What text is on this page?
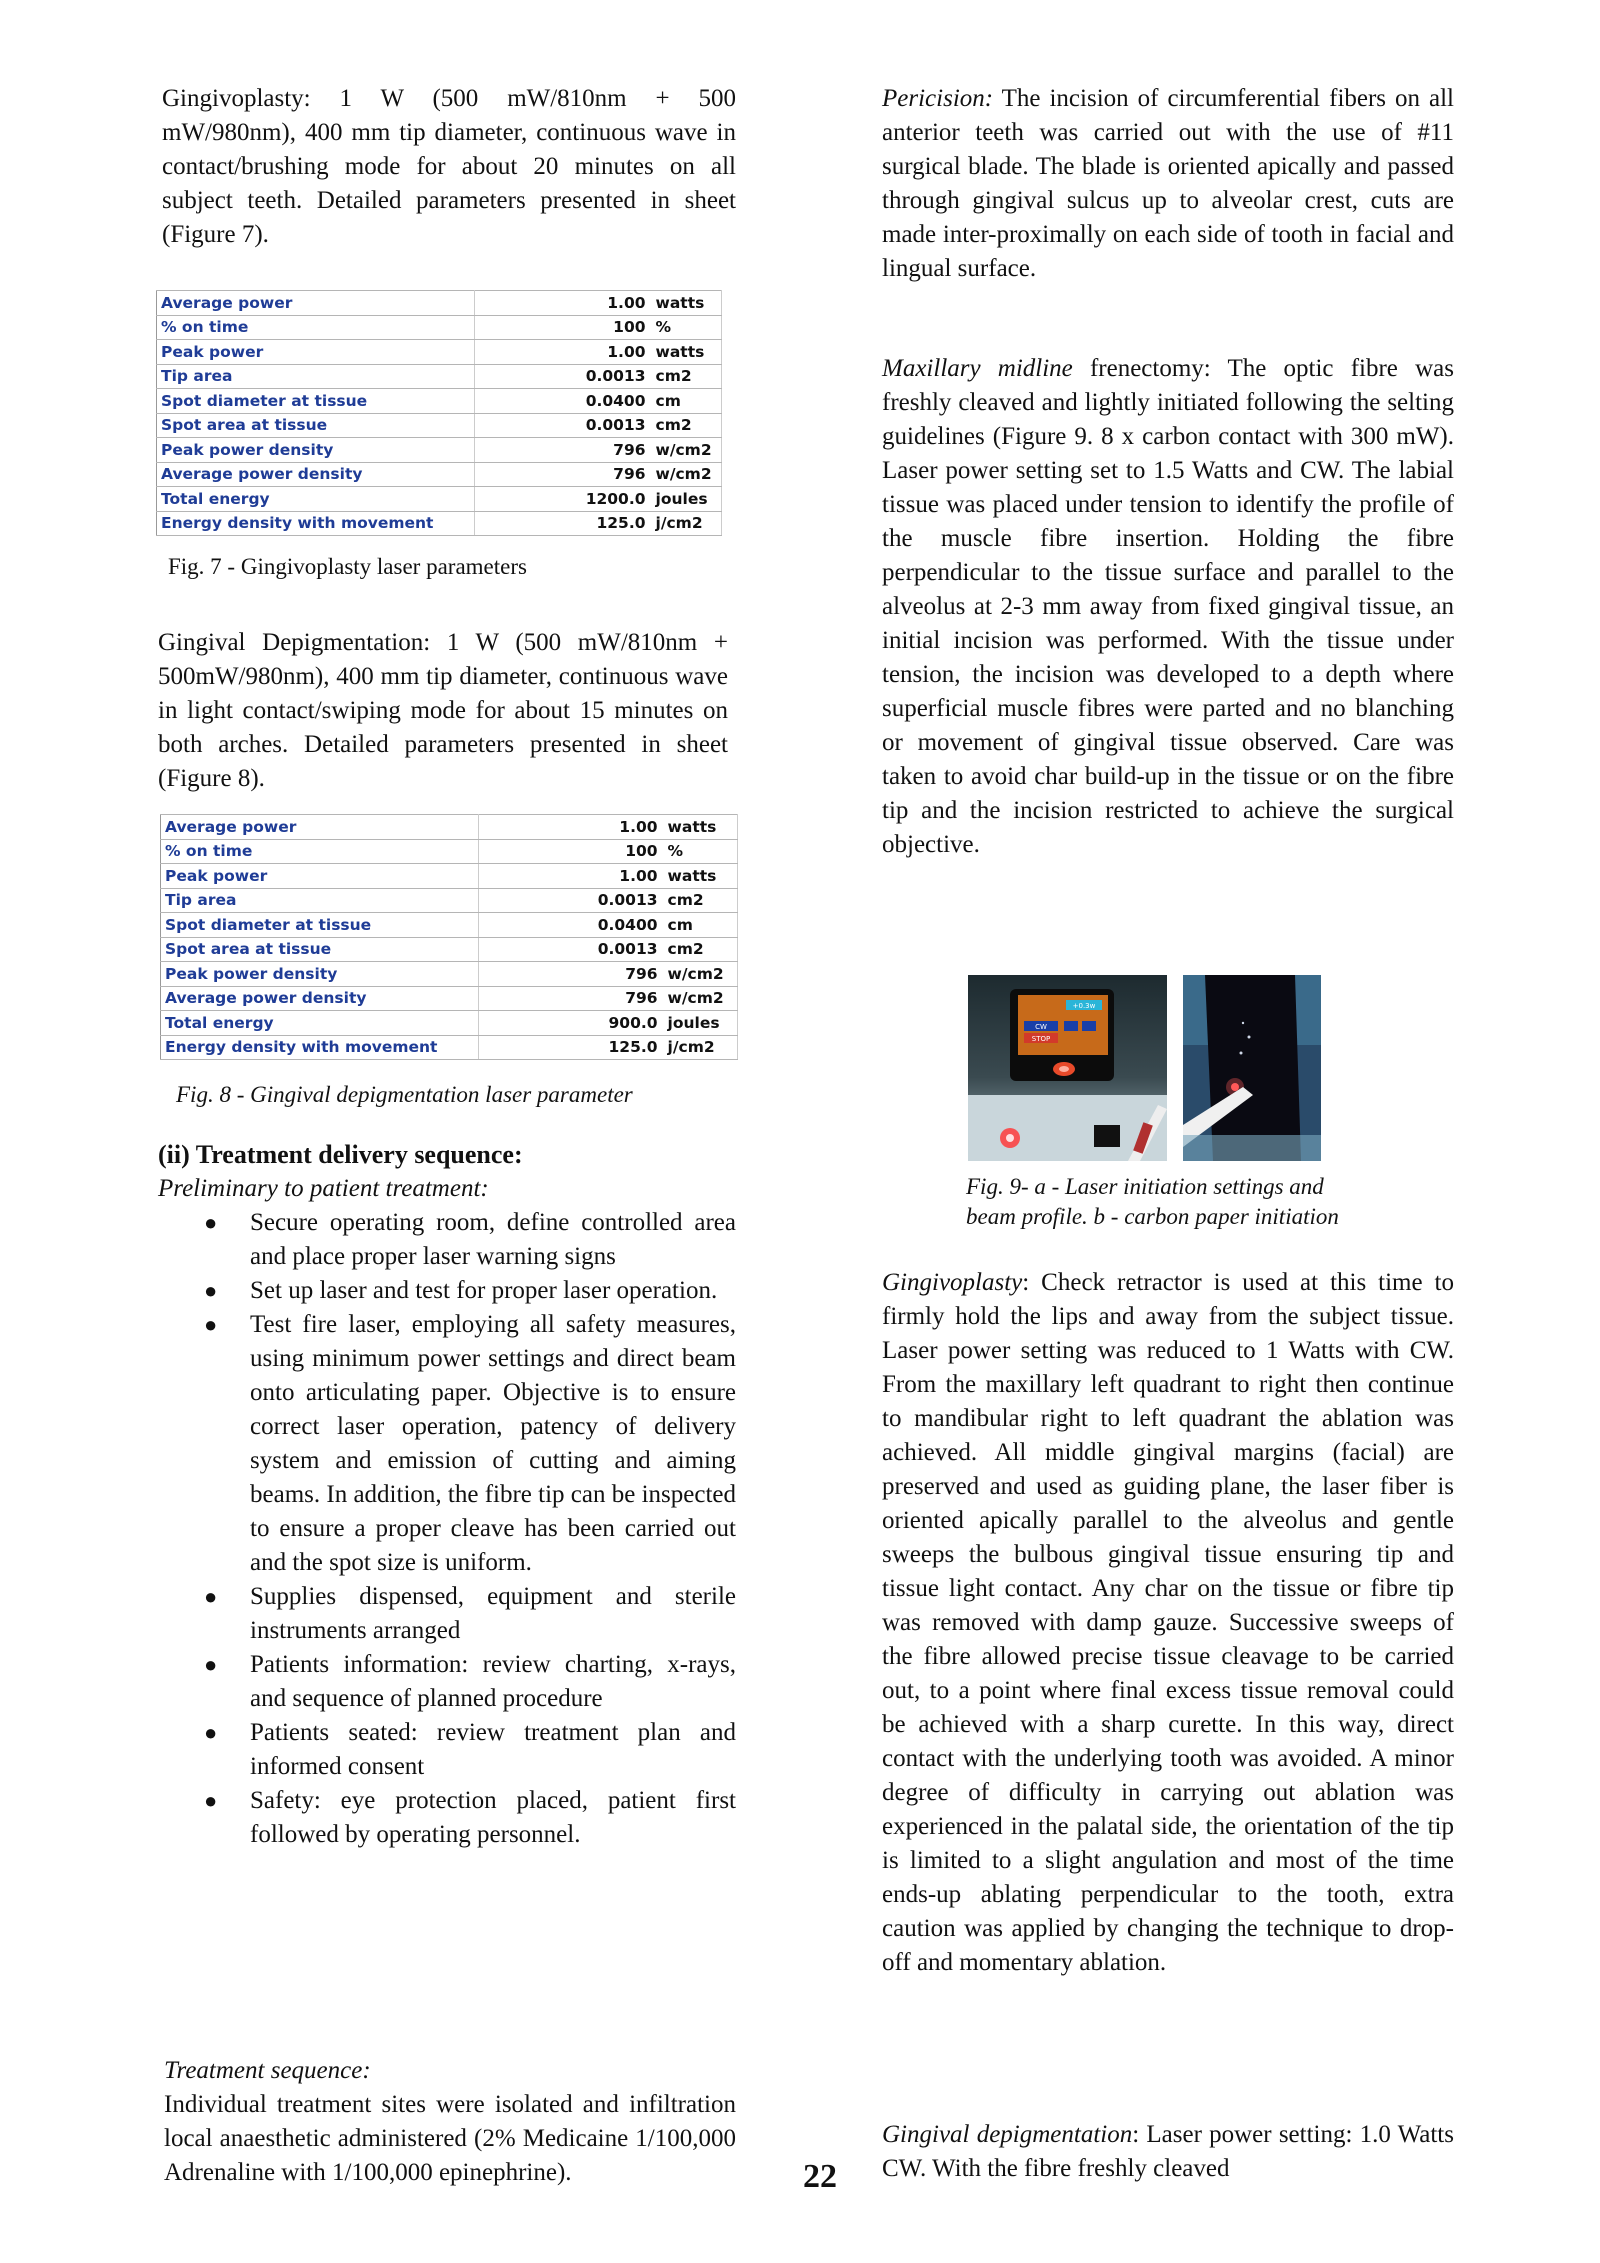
Gingivoplasty: 1 W (500 mW/810nm + 500 mW/980nm), 400 mm tip diameter, continuous wave in contact/brushing mode for about 20 minutes on all subject teeth. Detailed parameters presented in sheet (Figure 7).

Average power	1.00	watts
% on time	100	%
Peak power	1.00	watts
Tip area	0.0013	cm2
Spot diameter at tissue	0.0400	cm
Spot area at tissue	0.0013	cm2
Peak power density	796	w/cm2
Average power density	796	w/cm2
Total energy	1200.0	joules
Energy density with movement	125.0	j/cm2

Fig. 7 - Gingivoplasty laser parameters

Gingival Depigmentation: 1 W (500 mW/810nm + 500mW/980nm), 400 mm tip diameter, continuous wave in light contact/swiping mode for about 15 minutes on both arches. Detailed parameters presented in sheet (Figure 8).

Average power	1.00	watts
% on time	100	%
Peak power	1.00	watts
Tip area	0.0013	cm2
Spot diameter at tissue	0.0400	cm
Spot area at tissue	0.0013	cm2
Peak power density	796	w/cm2
Average power density	796	w/cm2
Total energy	900.0	joules
Energy density with movement	125.0	j/cm2

Fig. 8 - Gingival depigmentation laser parameter

(ii) Treatment delivery sequence:

Preliminary to patient treatment:

● Secure operating room, define controlled area and place proper laser warning signs
● Set up laser and test for proper laser operation.
● Test fire laser, employing all safety measures, using minimum power settings and direct beam onto articulating paper. Objective is to ensure correct laser operation, patency of delivery system and emission of cutting and aiming beams. In addition, the fibre tip can be inspected to ensure a proper cleave has been carried out and the spot size is uniform.
● Supplies dispensed, equipment and sterile instruments arranged
● Patients information: review charting, x-rays, and sequence of planned procedure
● Patients seated: review treatment plan and informed consent
● Safety: eye protection placed, patient first followed by operating personnel.

Treatment sequence:

Individual treatment sites were isolated and infiltration local anaesthetic administered (2% Medicaine 1/100,000 Adrenaline with 1/100,000 epinephrine).

Pericision: The incision of circumferential fibers on all anterior teeth was carried out with the use of #11 surgical blade. The blade is oriented apically and passed through gingival sulcus up to alveolar crest, cuts are made inter-proximally on each side of tooth in facial and lingual surface.

Maxillary midline frenectomy: The optic fibre was freshly cleaved and lightly initiated following the selting guidelines (Figure 9. 8 x carbon contact with 300 mW). Laser power setting set to 1.5 Watts and CW. The labial tissue was placed under tension to identify the profile of the muscle fibre insertion. Holding the fibre perpendicular to the tissue surface and parallel to the alveolus at 2-3 mm away from fixed gingival tissue, an initial incision was performed. With the tissue under tension, the incision was developed to a depth where superficial muscle fibres were parted and no blanching or movement of gingival tissue observed. Care was taken to avoid char build-up in the tissue or on the fibre tip and the incision restricted to achieve the surgical objective.

+0.3w
CW
STOP

Fig. 9- a - Laser initiation settings and

beam profile. b - carbon paper initiation

Gingivoplasty: Check retractor is used at this time to firmly hold the lips and away from the subject tissue. Laser power setting was reduced to 1 Watts with CW. From the maxillary left quadrant to right then continue to mandibular right to left quadrant the ablation was achieved. All middle gingival margins (facial) are preserved and used as guiding plane, the laser fiber is oriented apically parallel to the alveolus and gentle sweeps the bulbous gingival tissue ensuring tip and tissue light contact. Any char on the tissue or fibre tip was removed with damp gauze. Successive sweeps of the fibre allowed precise tissue cleavage to be carried out, to a point where final excess tissue removal could be achieved with a sharp curette. In this way, direct contact with the underlying tooth was avoided. A minor degree of difficulty in carrying out ablation was experienced in the palatal side, the orientation of the tip is limited to a slight angulation and most of the time ends-up ablating perpendicular to the tooth, extra caution was applied by changing the technique to drop-off and momentary ablation.

Gingival depigmentation: Laser power setting: 1.0 Watts CW. With the fibre freshly cleaved

22
